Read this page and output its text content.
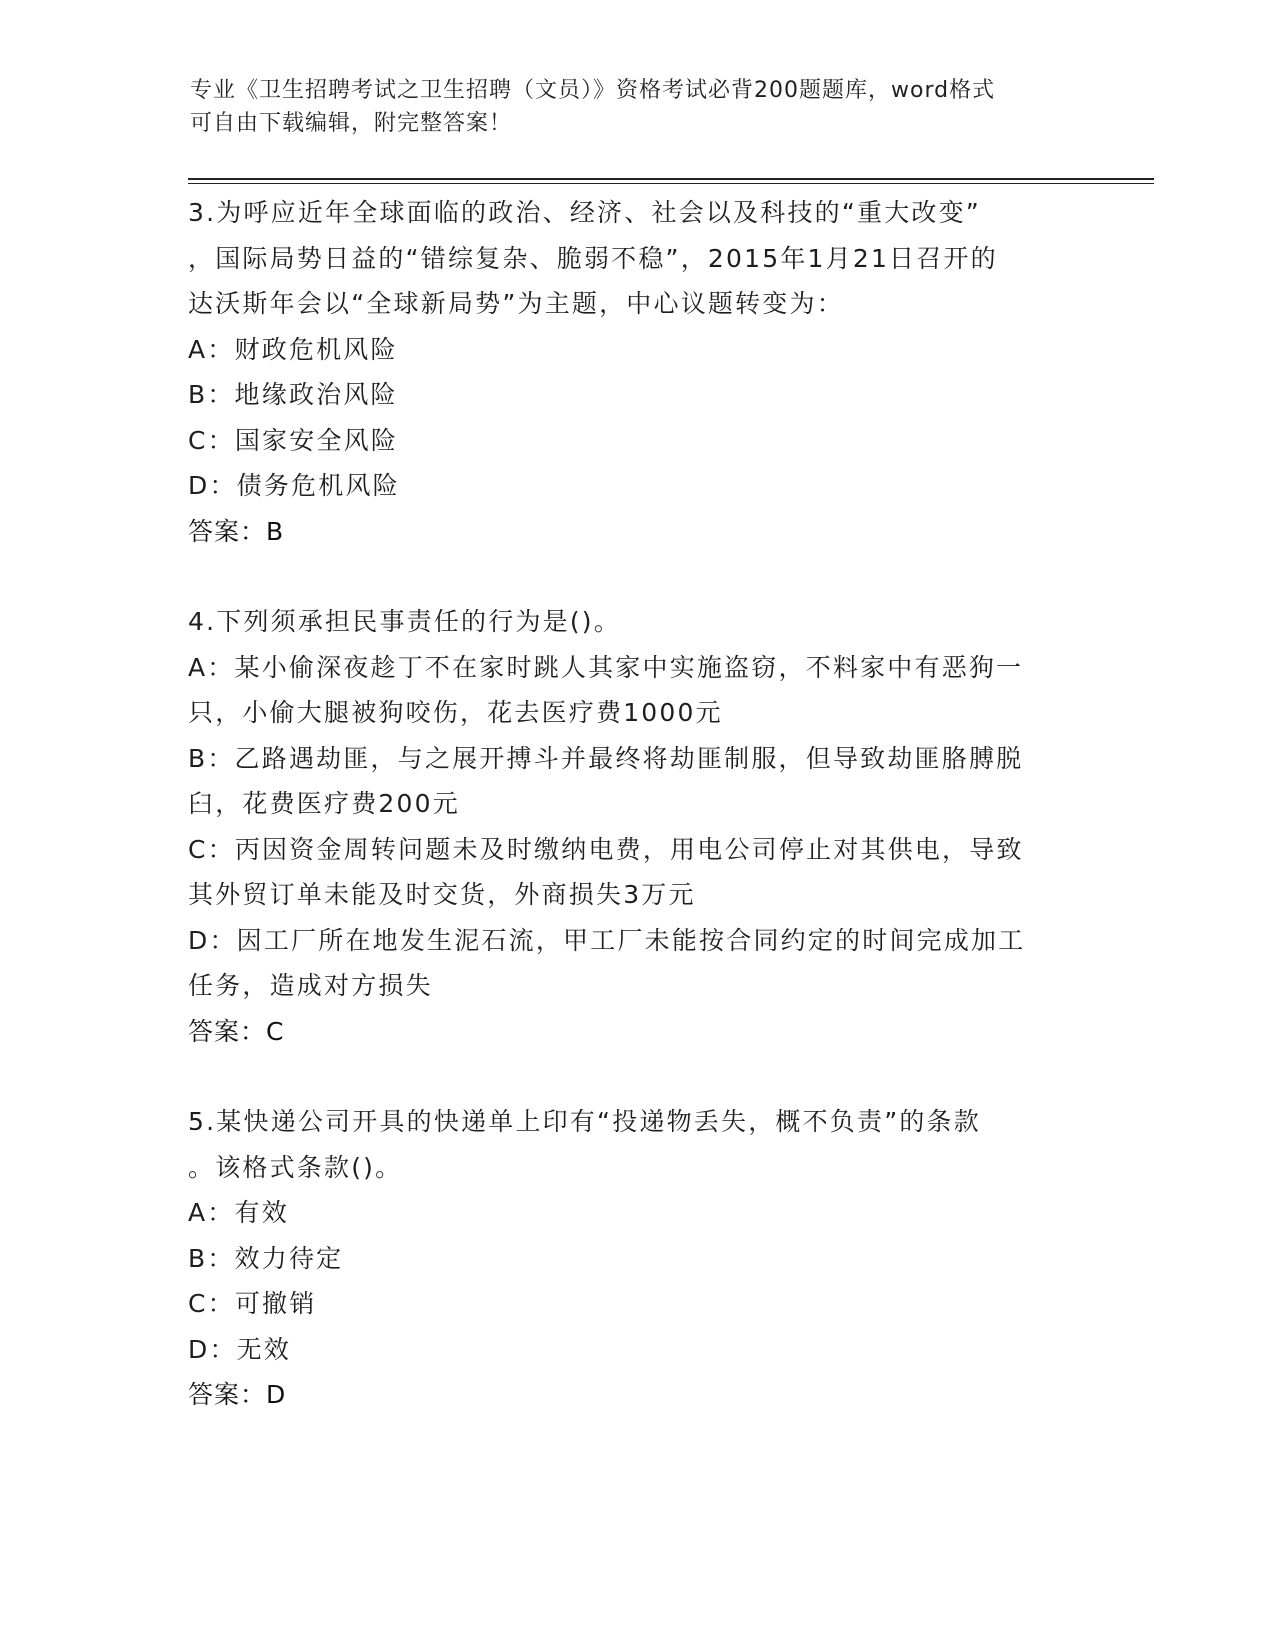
专业《卫生招聘考试之卫生招聘（文员）》资格考试必背200题题库，word格式
可自由下载编辑，附完整答案！
3.为呼应近年全球面临的政治、经济、社会以及科技的“重大改变”
，国际局势日益的“错综复杂、脆弱不稳”，2015年1月21日召开的
达沃斯年会以“全球新局势”为主题，中心议题转变为：
A：财政危机风险
B：地缘政治风险
C：国家安全风险
D：债务危机风险
答案：B
4.下列须承担民事责任的行为是()。
A：某小偷深夜趁丁不在家时跳人其家中实施盗窃，不料家中有恶狗一
只，小偷大腿被狗咬伤，花去医疗费1000元
B：乙路遇劫匪，与之展开搏斗并最终将劫匪制服，但导致劫匪胳膊脱
臼，花费医疗费200元
C：丙因资金周转问题未及时缴纳电费，用电公司停止对其供电，导致
其外贸订单未能及时交货，外商损失3万元
D：因工厂所在地发生泥石流，甲工厂未能按合同约定的时间完成加工
任务，造成对方损失
答案：C
5.某快递公司开具的快递单上印有“投递物丢失，概不负责”的条款
。该格式条款()。
A：有效
B：效力待定
C：可撤销
D：无效
答案：D
